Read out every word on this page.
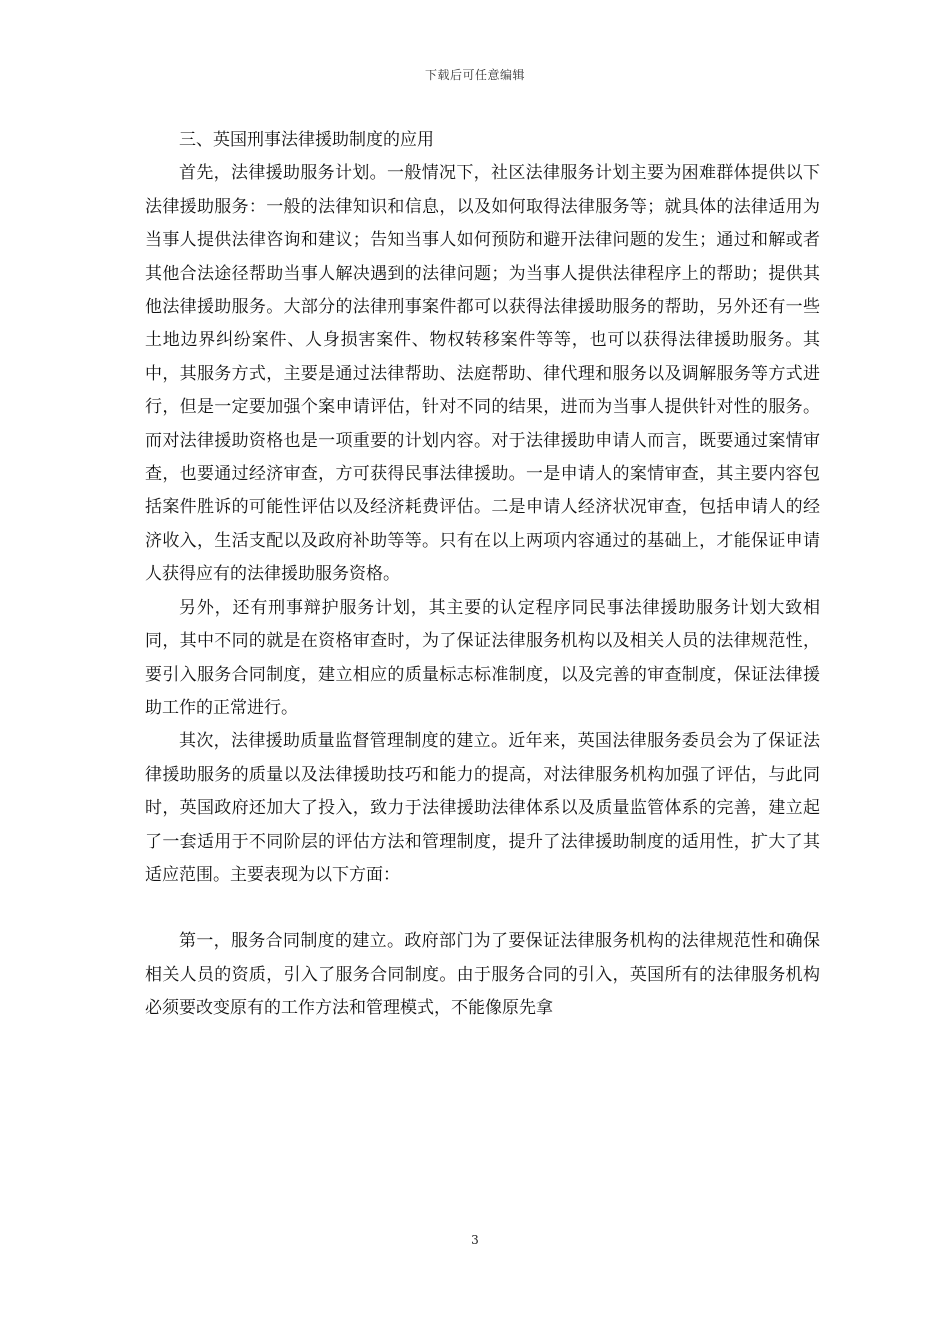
下载后可任意编辑

三、英国刑事法律援助制度的应用

首先，法律援助服务计划。一般情况下，社区法律服务计划主要为困难群体提供以下法律援助服务：一般的法律知识和信息，以及如何取得法律服务等；就具体的法律适用为当事人提供法律咨询和建议；告知当事人如何预防和避开法律问题的发生；通过和解或者其他合法途径帮助当事人解决遇到的法律问题；为当事人提供法律程序上的帮助；提供其他法律援助服务。大部分的法律刑事案件都可以获得法律援助服务的帮助，另外还有一些土地边界纠纷案件、人身损害案件、物权转移案件等等，也可以获得法律援助服务。其中，其服务方式，主要是通过法律帮助、法庭帮助、律代理和服务以及调解服务等方式进行，但是一定要加强个案申请评估，针对不同的结果，进而为当事人提供针对性的服务。而对法律援助资格也是一项重要的计划内容。对于法律援助申请人而言，既要通过案情审查，也要通过经济审查，方可获得民事法律援助。一是申请人的案情审查，其主要内容包括案件胜诉的可能性评估以及经济耗费评估。二是申请人经济状况审查，包括申请人的经济收入，生活支配以及政府补助等等。只有在以上两项内容通过的基础上，才能保证申请人获得应有的法律援助服务资格。

另外，还有刑事辩护服务计划，其主要的认定程序同民事法律援助服务计划大致相同，其中不同的就是在资格审查时，为了保证法律服务机构以及相关人员的法律规范性，要引入服务合同制度，建立相应的质量标志标准制度，以及完善的审查制度，保证法律援助工作的正常进行。

其次，法律援助质量监督管理制度的建立。近年来，英国法律服务委员会为了保证法律援助服务的质量以及法律援助技巧和能力的提高，对法律服务机构加强了评估，与此同时，英国政府还加大了投入，致力于法律援助法律体系以及质量监管体系的完善，建立起了一套适用于不同阶层的评估方法和管理制度，提升了法律援助制度的适用性，扩大了其适应范围。主要表现为以下方面：

第一，服务合同制度的建立。政府部门为了要保证法律服务机构的法律规范性和确保相关人员的资质，引入了服务合同制度。由于服务合同的引入，英国所有的法律服务机构必须要改变原有的工作方法和管理模式，不能像原先拿

3
